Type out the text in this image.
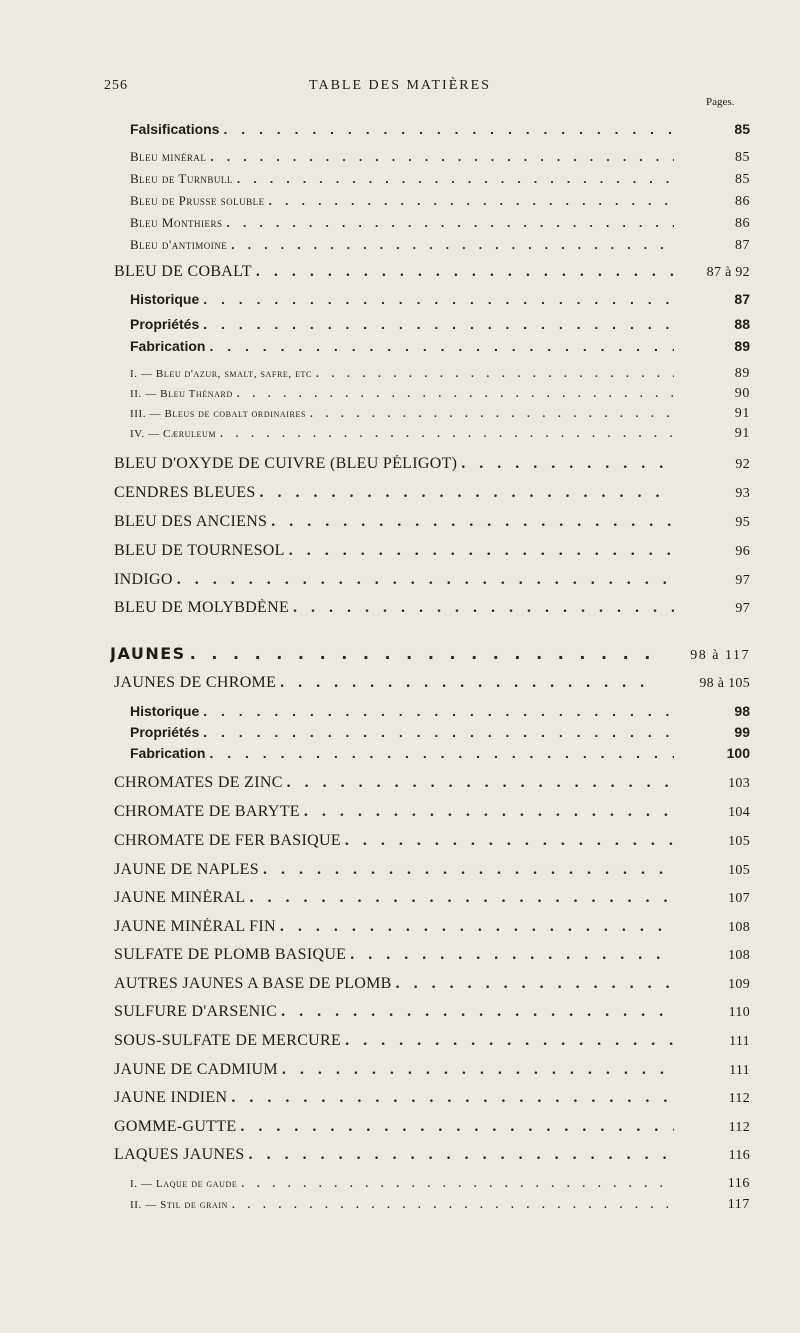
256	TABLE DES MATIÈRES
Pages.
Falsifications . . .	85
Bleu minéral . . .	85
Bleu de Turnbull . . .	85
Bleu de Prusse soluble . . .	86
Bleu Monthiers . . .	86
Bleu d'antimoine . . .	87
BLEU DE COBALT . . .	87 à 92
Historique . . .	87
Propriétés . . .	88
Fabrication . . .	89
I. — Bleu d'azur, smalt, safre, etc . . .	89
II. — Bleu Thénard . . .	90
III. — Bleus de cobalt ordinaires . . .	91
IV. — Cæruleum . . .	91
BLEU D'OXYDE DE CUIVRE (BLEU PÉLIGOT) . . .	92
CENDRES BLEUES . . .	93
BLEU DES ANCIENS . . .	95
BLEU DE TOURNESOL . . .	96
INDIGO . . .	97
BLEU DE MOLYBDÈNE . . .	97
JAUNES . . .	98 à 117
JAUNES DE CHROME . . .	98 à 105
Historique . . .	98
Propriétés . . .	99
Fabrication . . .	100
CHROMATES DE ZINC . . .	103
CHROMATE DE BARYTE . . .	104
CHROMATE DE FER BASIQUE . . .	105
JAUNE DE NAPLES . . .	105
JAUNE MINÉRAL . . .	107
JAUNE MINÉRAL FIN . . .	108
SULFATE DE PLOMB BASIQUE . . .	108
AUTRES JAUNES A BASE DE PLOMB . . .	109
SULFURE D'ARSENIC . . .	110
SOUS-SULFATE DE MERCURE . . .	111
JAUNE DE CADMIUM . . .	111
JAUNE INDIEN . . .	112
GOMME-GUTTE . . .	112
LAQUES JAUNES . . .	116
I. — Laque de gaude . . .	116
II. — Stil de grain . . .	117
